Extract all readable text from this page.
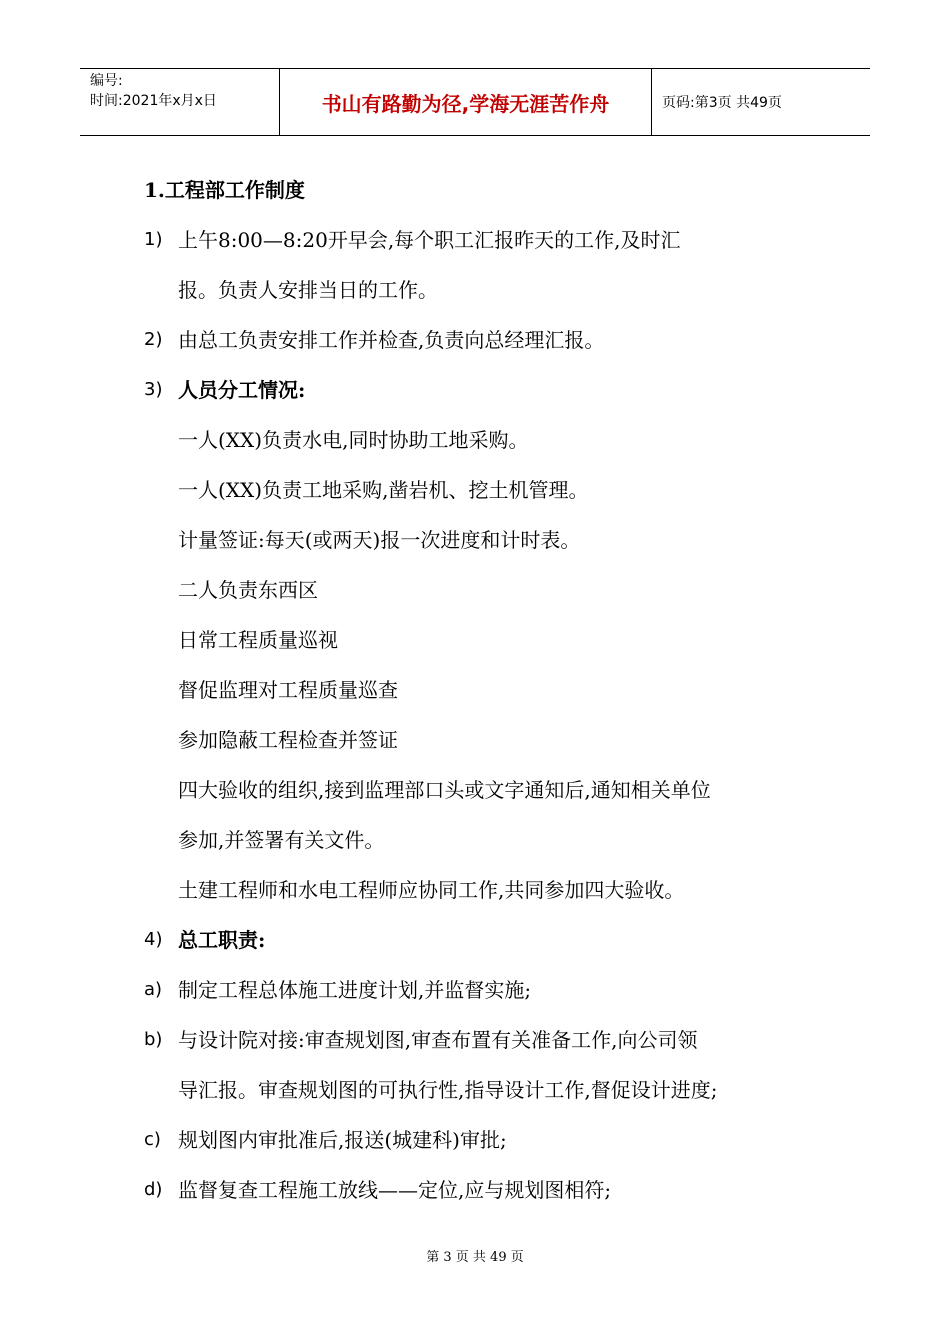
编号:
时间:2021年x月x日	书山有路勤为径,学海无涯苦作舟	页码:第3页 共49页
1.工程部工作制度
1) 上午8:00—8:20开早会,每个职工汇报昨天的工作,及时汇
报。负责人安排当日的工作。
2) 由总工负责安排工作并检查,负责向总经理汇报。
3) 人员分工情况:
一人(XX)负责水电,同时协助工地采购。
一人(XX)负责工地采购,凿岩机、挖土机管理。
计量签证:每天(或两天)报一次进度和计时表。
二人负责东西区
日常工程质量巡视
督促监理对工程质量巡查
参加隐蔽工程检查并签证
四大验收的组织,接到监理部口头或文字通知后,通知相关单位
参加,并签署有关文件。
土建工程师和水电工程师应协同工作,共同参加四大验收。
4) 总工职责:
a) 制定工程总体施工进度计划,并监督实施;
b) 与设计院对接:审查规划图,审查布置有关准备工作,向公司领
导汇报。审查规划图的可执行性,指导设计工作,督促设计进度;
c) 规划图内审批准后,报送(城建科)审批;
d) 监督复查工程施工放线——定位,应与规划图相符;
第 3 页 共 49 页
